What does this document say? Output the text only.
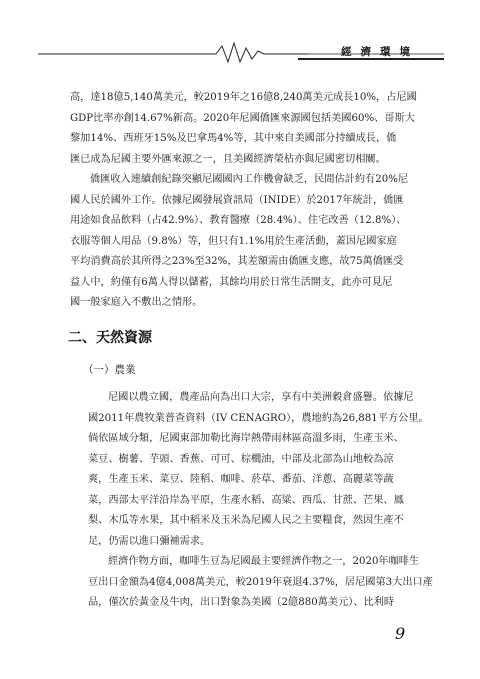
經濟環境

高，達18億5,140萬美元，較2019年之16億8,240萬美元成長10%，占尼國
GDP比率亦創14.67%新高。2020年尼國僑匯來源國包括美國60%、哥斯大
黎加14%、西班牙15%及巴拿馬4%等，其中來自美國部分持續成長，僑
匯已成為尼國主要外匯來源之一，且美國經濟榮枯亦與尼國密切相關。

僑匯收入連續創紀錄突顯尼國國內工作機會缺乏，民間估計約有20%尼
國人民於國外工作。依據尼國發展資訊局（INIDE）於2017年統計，僑匯
用途如食品飲料（占42.9%）、教育醫療（28.4%）、住宅改善（12.8%）、
衣服等個人用品（9.8%）等，但只有1.1%用於生產活動，蓋因尼國家庭
平均消費高於其所得之23%至32%，其差額需由僑匯支應，故75萬僑匯受
益人中，約僅有6萬人得以儲蓄，其餘均用於日常生活開支，此亦可見尼
國一般家庭入不敷出之情形。

二、天然資源
（一）農業

尼國以農立國，農產品向為出口大宗，享有中美洲穀倉盛譽。依據尼
國2011年農牧業普查資料（IV CENAGRO），農地約為26,881平方公里。
倘依區域分類，尼國東部加勒比海岸熱帶雨林區高溫多雨，生產玉米、
菜豆、樹薯、芋頭、香蕉、可可、棕櫚油，中部及北部為山地較為涼
爽，生產玉米、菜豆、陸稻、咖啡、菸草、番茄、洋蔥、高麗菜等蔬
菜，西部太平洋沿岸為平原，生產水稻、高粱、西瓜、甘蔗、芒果、鳳
梨、木瓜等水果，其中稻米及玉米為尼國人民之主要糧食，然因生產不
足，仍需以進口彌補需求。

經濟作物方面，咖啡生豆為尼國最主要經濟作物之一，2020年咖啡生
豆出口金額為4億4,008萬美元，較2019年衰退4.37%，居尼國第3大出口產
品，僅次於黃金及牛肉，出口對象為美國（2億880萬美元）、比利時

9
